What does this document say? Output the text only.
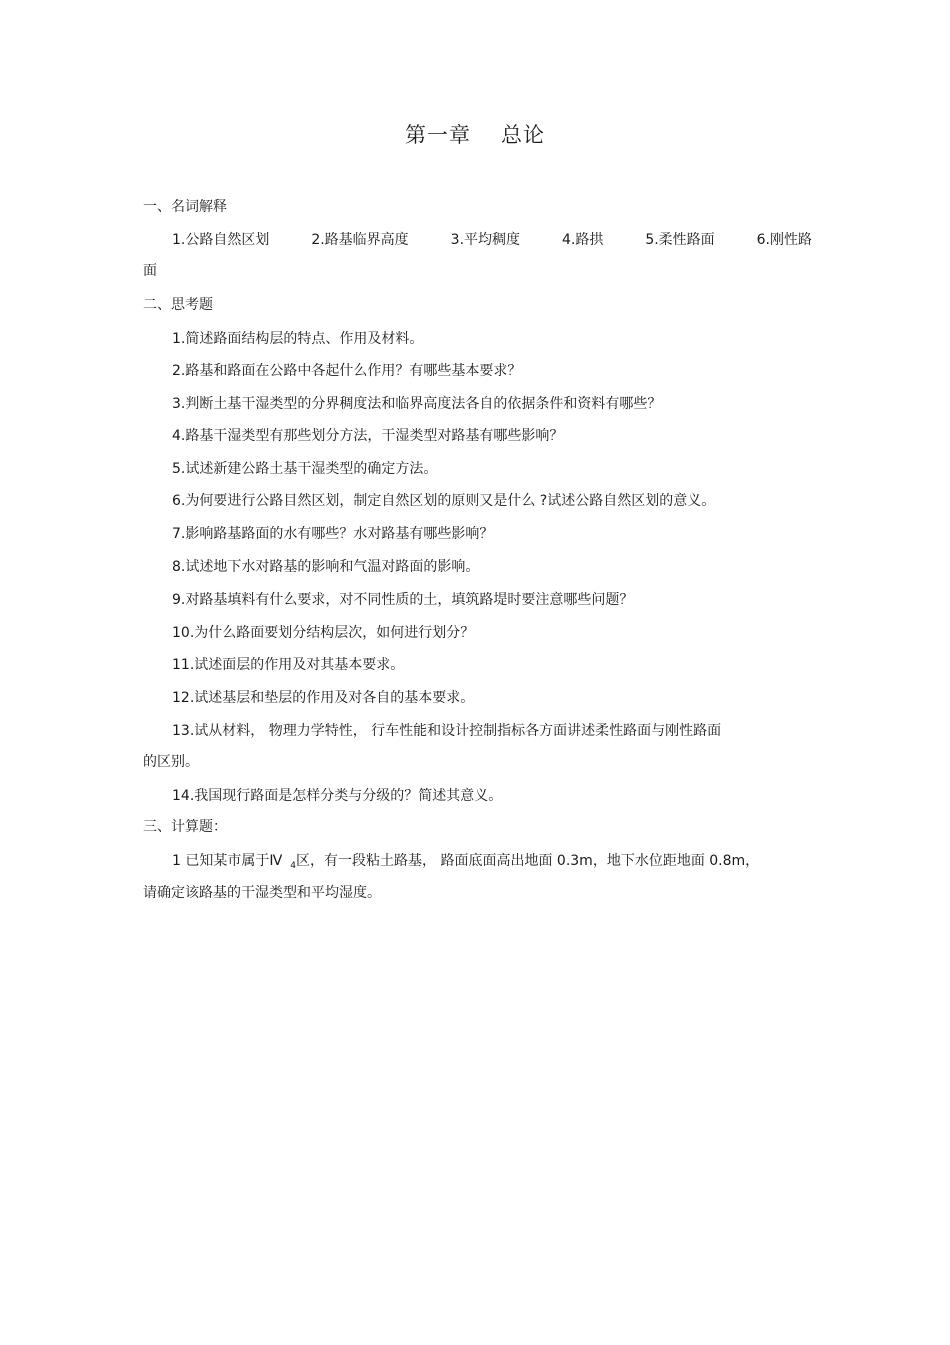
第一章 总论
一、名词解释
1.公路自然区划	2.路基临界高度	3.平均稠度	4.路拱	5.柔性路面	6.刚性路
面
二、思考题
1.简述路面结构层的特点、作用及材料。
2.路基和路面在公路中各起什么作用？有哪些基本要求？
3.判断土基干湿类型的分界稠度法和临界高度法各自的依据条件和资料有哪些？
4.路基干湿类型有那些划分方法，干湿类型对路基有哪些影响？
5.试述新建公路土基干湿类型的确定方法。
6.为何要进行公路目然区划，制定自然区划的原则又是什么 ?试述公路自然区划的意义。
7.影响路基路面的水有哪些？水对路基有哪些影响？
8.试述地下水对路基的影响和气温对路面的影响。
9.对路基填料有什么要求，对不同性质的土，填筑路堤时要注意哪些问题？
10.为什么路面要划分结构层次，如何进行划分？
11.试述面层的作用及对其基本要求。
12.试述基层和垫层的作用及对各自的基本要求。
13.试从材料， 物理力学特性， 行车性能和设计控制指标各方面讲述柔性路面与刚性路面
的区别。
14.我国现行路面是怎样分类与分级的？简述其意义。
三、计算题：
1 已知某市属于Ⅳ $_4$区，有一段粘土路基， 路面底面高出地面 0.3m，地下水位距地面 0.8m，
请确定该路基的干湿类型和平均湿度。
